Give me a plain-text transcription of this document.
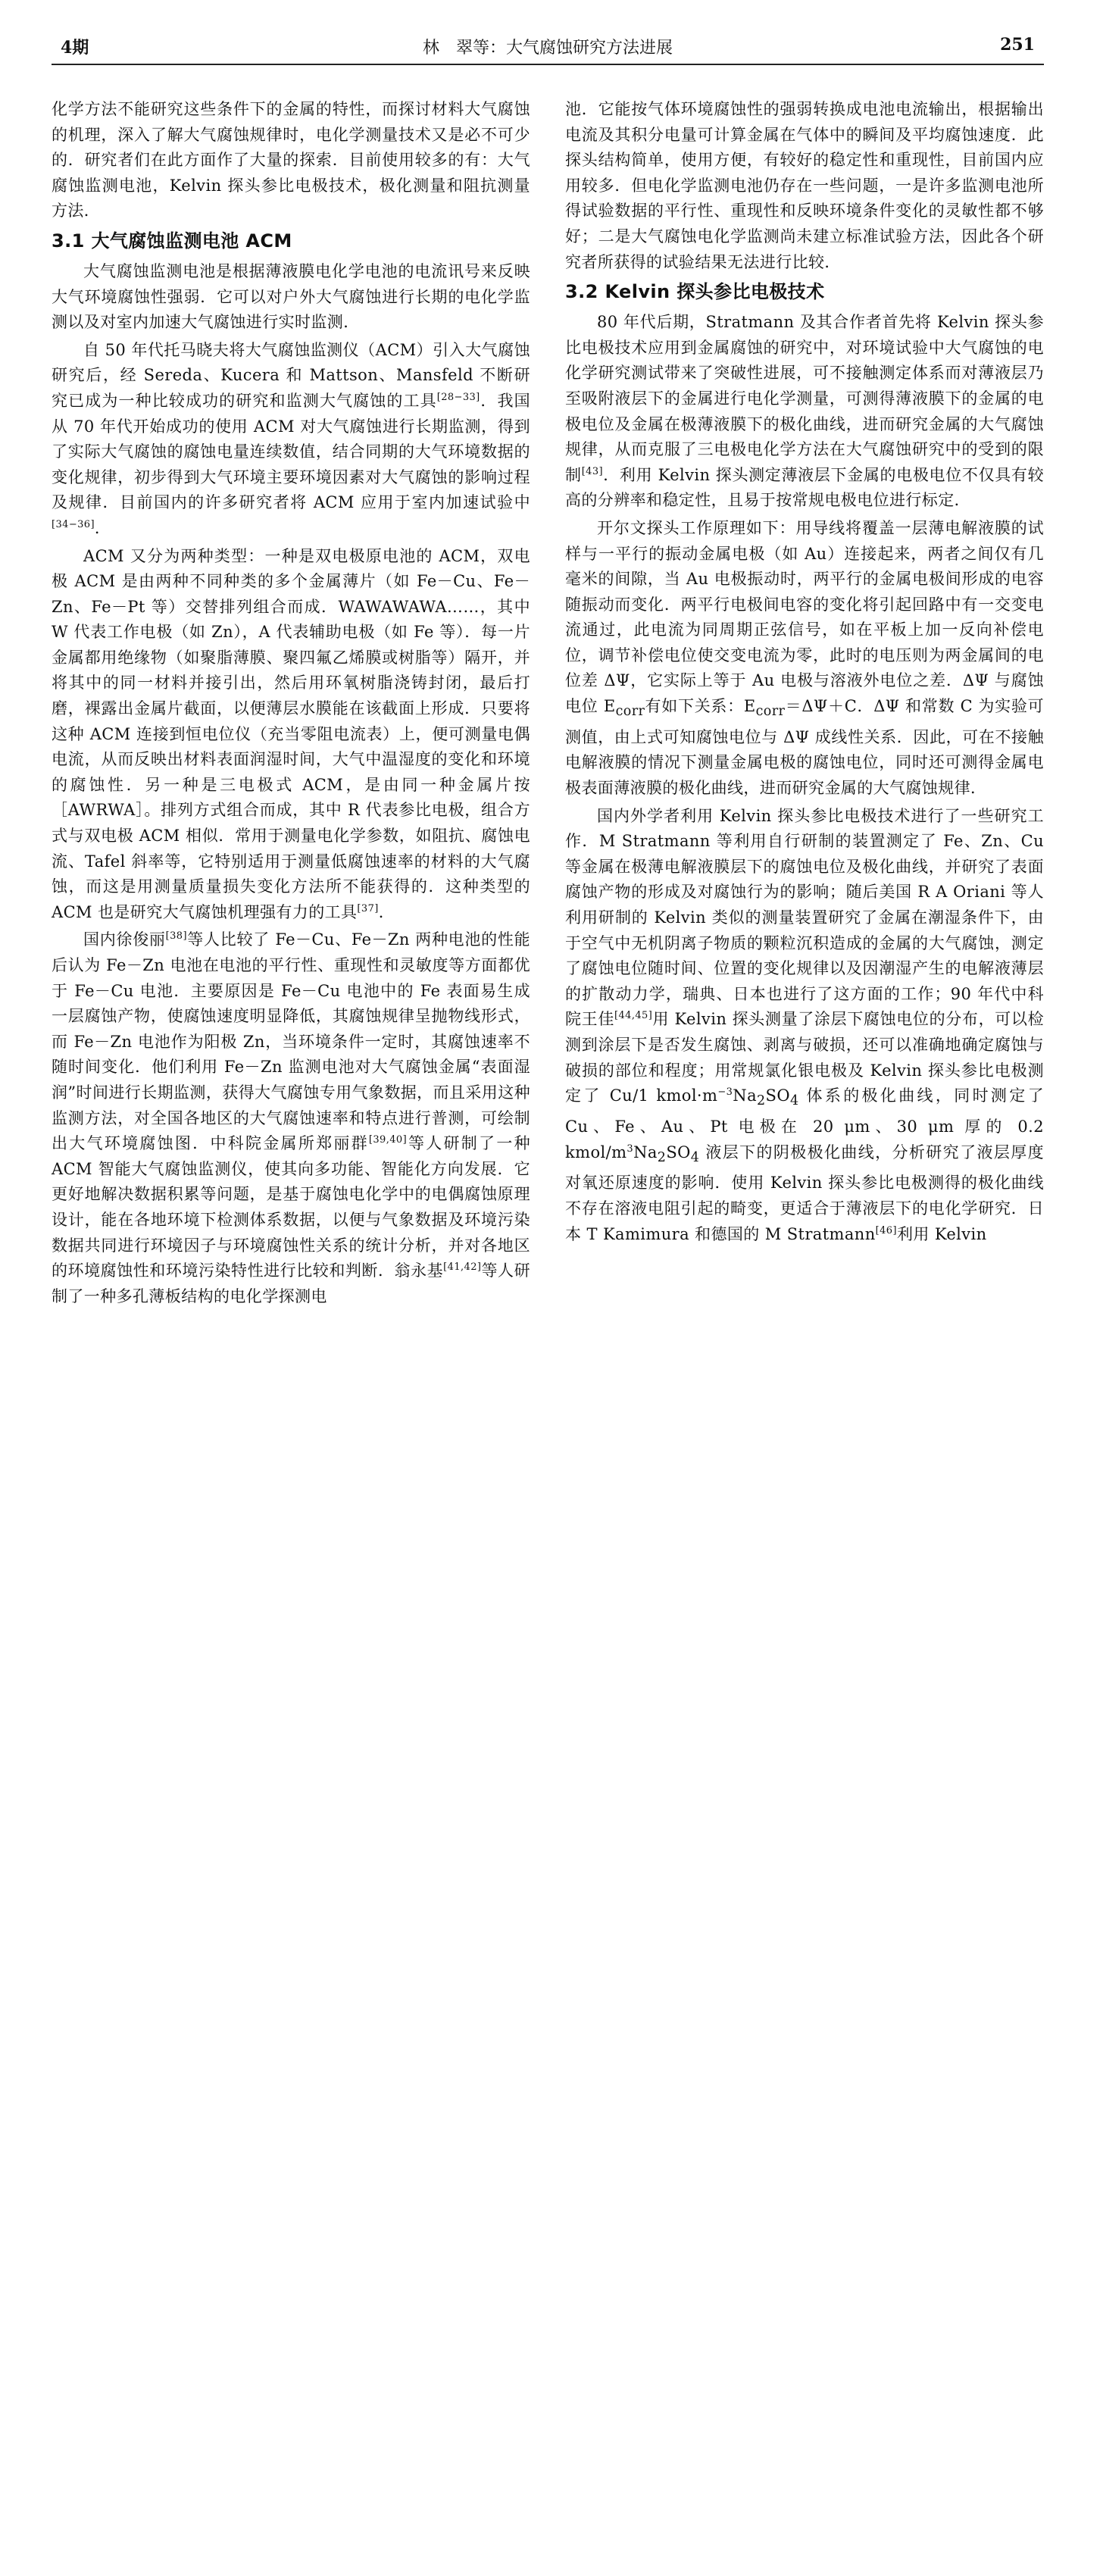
4期	林　翠等：大气腐蚀研究方法进展	251

化学方法不能研究这些条件下的金属的特性，而探讨材料大气腐蚀的机理，深入了解大气腐蚀规律时，电化学测量技术又是必不可少的．研究者们在此方面作了大量的探索．目前使用较多的有：大气腐蚀监测电池，Kelvin 探头参比电极技术，极化测量和阻抗测量方法．

3.1 大气腐蚀监测电池 ACM

大气腐蚀监测电池是根据薄液膜电化学电池的电流讯号来反映大气环境腐蚀性强弱．它可以对户外大气腐蚀进行长期的电化学监测以及对室内加速大气腐蚀进行实时监测．

自 50 年代托马晓夫将大气腐蚀监测仪（ACM）引入大气腐蚀研究后，经 Sereda、Kucera 和 Mattson、Mansfeld 不断研究已成为一种比较成功的研究和监测大气腐蚀的工具[28−33]．我国从 70 年代开始成功的使用 ACM 对大气腐蚀进行长期监测，得到了实际大气腐蚀的腐蚀电量连续数值，结合同期的大气环境数据的变化规律，初步得到大气环境主要环境因素对大气腐蚀的影响过程及规律．目前国内的许多研究者将 ACM 应用于室内加速试验中[34−36]．

ACM 又分为两种类型：一种是双电极原电池的 ACM，双电极 ACM 是由两种不同种类的多个金属薄片（如 Fe－Cu、Fe－Zn、Fe－Pt 等）交替排列组合而成．WAWAWAWA……，其中 W 代表工作电极（如 Zn），A 代表辅助电极（如 Fe 等）．每一片金属都用绝缘物（如聚脂薄膜、聚四氟乙烯膜或树脂等）隔开，并将其中的同一材料并接引出，然后用环氧树脂浇铸封闭，最后打磨，裸露出金属片截面，以便薄层水膜能在该截面上形成．只要将这种 ACM 连接到恒电位仪（充当零阻电流表）上，便可测量电偶电流，从而反映出材料表面润湿时间，大气中温湿度的变化和环境的腐蚀性．另一种是三电极式 ACM，是由同一种金属片按［AWRWA］。排列方式组合而成，其中 R 代表参比电极，组合方式与双电极 ACM 相似．常用于测量电化学参数，如阻抗、腐蚀电流、Tafel 斜率等，它特别适用于测量低腐蚀速率的材料的大气腐蚀，而这是用测量质量损失变化方法所不能获得的．这种类型的 ACM 也是研究大气腐蚀机理强有力的工具[37]．

国内徐俊丽[38]等人比较了 Fe－Cu、Fe－Zn 两种电池的性能后认为 Fe－Zn 电池在电池的平行性、重现性和灵敏度等方面都优于 Fe－Cu 电池．主要原因是 Fe－Cu 电池中的 Fe 表面易生成一层腐蚀产物，使腐蚀速度明显降低，其腐蚀规律呈抛物线形式，而 Fe－Zn 电池作为阳极 Zn，当环境条件一定时，其腐蚀速率不随时间变化．他们利用 Fe－Zn 监测电池对大气腐蚀金属“表面湿润”时间进行长期监测，获得大气腐蚀专用气象数据，而且采用这种监测方法，对全国各地区的大气腐蚀速率和特点进行普测，可绘制出大气环境腐蚀图．中科院金属所郑丽群[39,40]等人研制了一种 ACM 智能大气腐蚀监测仪，使其向多功能、智能化方向发展．它更好地解决数据积累等问题，是基于腐蚀电化学中的电偶腐蚀原理设计，能在各地环境下检测体系数据，以便与气象数据及环境污染数据共同进行环境因子与环境腐蚀性关系的统计分析，并对各地区的环境腐蚀性和环境污染特性进行比较和判断．翁永基[41,42]等人研制了一种多孔薄板结构的电化学探测电

池．它能按气体环境腐蚀性的强弱转换成电池电流输出，根据输出电流及其积分电量可计算金属在气体中的瞬间及平均腐蚀速度．此探头结构简单，使用方便，有较好的稳定性和重现性，目前国内应用较多．但电化学监测电池仍存在一些问题，一是许多监测电池所得试验数据的平行性、重现性和反映环境条件变化的灵敏性都不够好；二是大气腐蚀电化学监测尚未建立标准试验方法，因此各个研究者所获得的试验结果无法进行比较．

3.2 Kelvin 探头参比电极技术

80 年代后期，Stratmann 及其合作者首先将 Kelvin 探头参比电极技术应用到金属腐蚀的研究中，对环境试验中大气腐蚀的电化学研究测试带来了突破性进展，可不接触测定体系而对薄液层乃至吸附液层下的金属进行电化学测量，可测得薄液膜下的金属的电极电位及金属在极薄液膜下的极化曲线，进而研究金属的大气腐蚀规律，从而克服了三电极电化学方法在大气腐蚀研究中的受到的限制[43]．利用 Kelvin 探头测定薄液层下金属的电极电位不仅具有较高的分辨率和稳定性，且易于按常规电极电位进行标定．

开尔文探头工作原理如下：用导线将覆盖一层薄电解液膜的试样与一平行的振动金属电极（如 Au）连接起来，两者之间仅有几毫米的间隙，当 Au 电极振动时，两平行的金属电极间形成的电容随振动而变化．两平行电极间电容的变化将引起回路中有一交变电流通过，此电流为同周期正弦信号，如在平板上加一反向补偿电位，调节补偿电位使交变电流为零，此时的电压则为两金属间的电位差 ΔΨ，它实际上等于 Au 电极与溶液外电位之差．ΔΨ 与腐蚀电位 $E_{corr}$有如下关系：$E_{corr}=\Delta\Psi+C$．ΔΨ 和常数 C 为实验可测值，由上式可知腐蚀电位与 ΔΨ 成线性关系．因此，可在不接触电解液膜的情况下测量金属电极的腐蚀电位，同时还可测得金属电极表面薄液膜的极化曲线，进而研究金属的大气腐蚀规律．

国内外学者利用 Kelvin 探头参比电极技术进行了一些研究工作．M Stratmann 等利用自行研制的装置测定了 Fe、Zn、Cu 等金属在极薄电解液膜层下的腐蚀电位及极化曲线，并研究了表面腐蚀产物的形成及对腐蚀行为的影响；随后美国 R A Oriani 等人利用研制的 Kelvin 类似的测量装置研究了金属在潮湿条件下，由于空气中无机阴离子物质的颗粒沉积造成的金属的大气腐蚀，测定了腐蚀电位随时间、位置的变化规律以及因潮湿产生的电解液薄层的扩散动力学，瑞典、日本也进行了这方面的工作；90 年代中科院王佳[44,45]用 Kelvin 探头测量了涂层下腐蚀电位的分布，可以检测到涂层下是否发生腐蚀、剥离与破损，还可以准确地确定腐蚀与破损的部位和程度；用常规氯化银电极及 Kelvin 探头参比电极测定了 Cu/1 $kmol\cdot m^{-3}Na_2SO_4$ 体系的极化曲线，同时测定了 Cu、Fe、Au、Pt 电极在 20 μm、30 μm 厚的 0.2 kmol/$m^3Na_2SO_4$ 液层下的阴极极化曲线，分析研究了液层厚度对氧还原速度的影响．使用 Kelvin 探头参比电极测得的极化曲线不存在溶液电阻引起的畸变，更适合于薄液层下的电化学研究．日本 T Kamimura 和德国的 M Stratmann[46]利用 Kelvin
